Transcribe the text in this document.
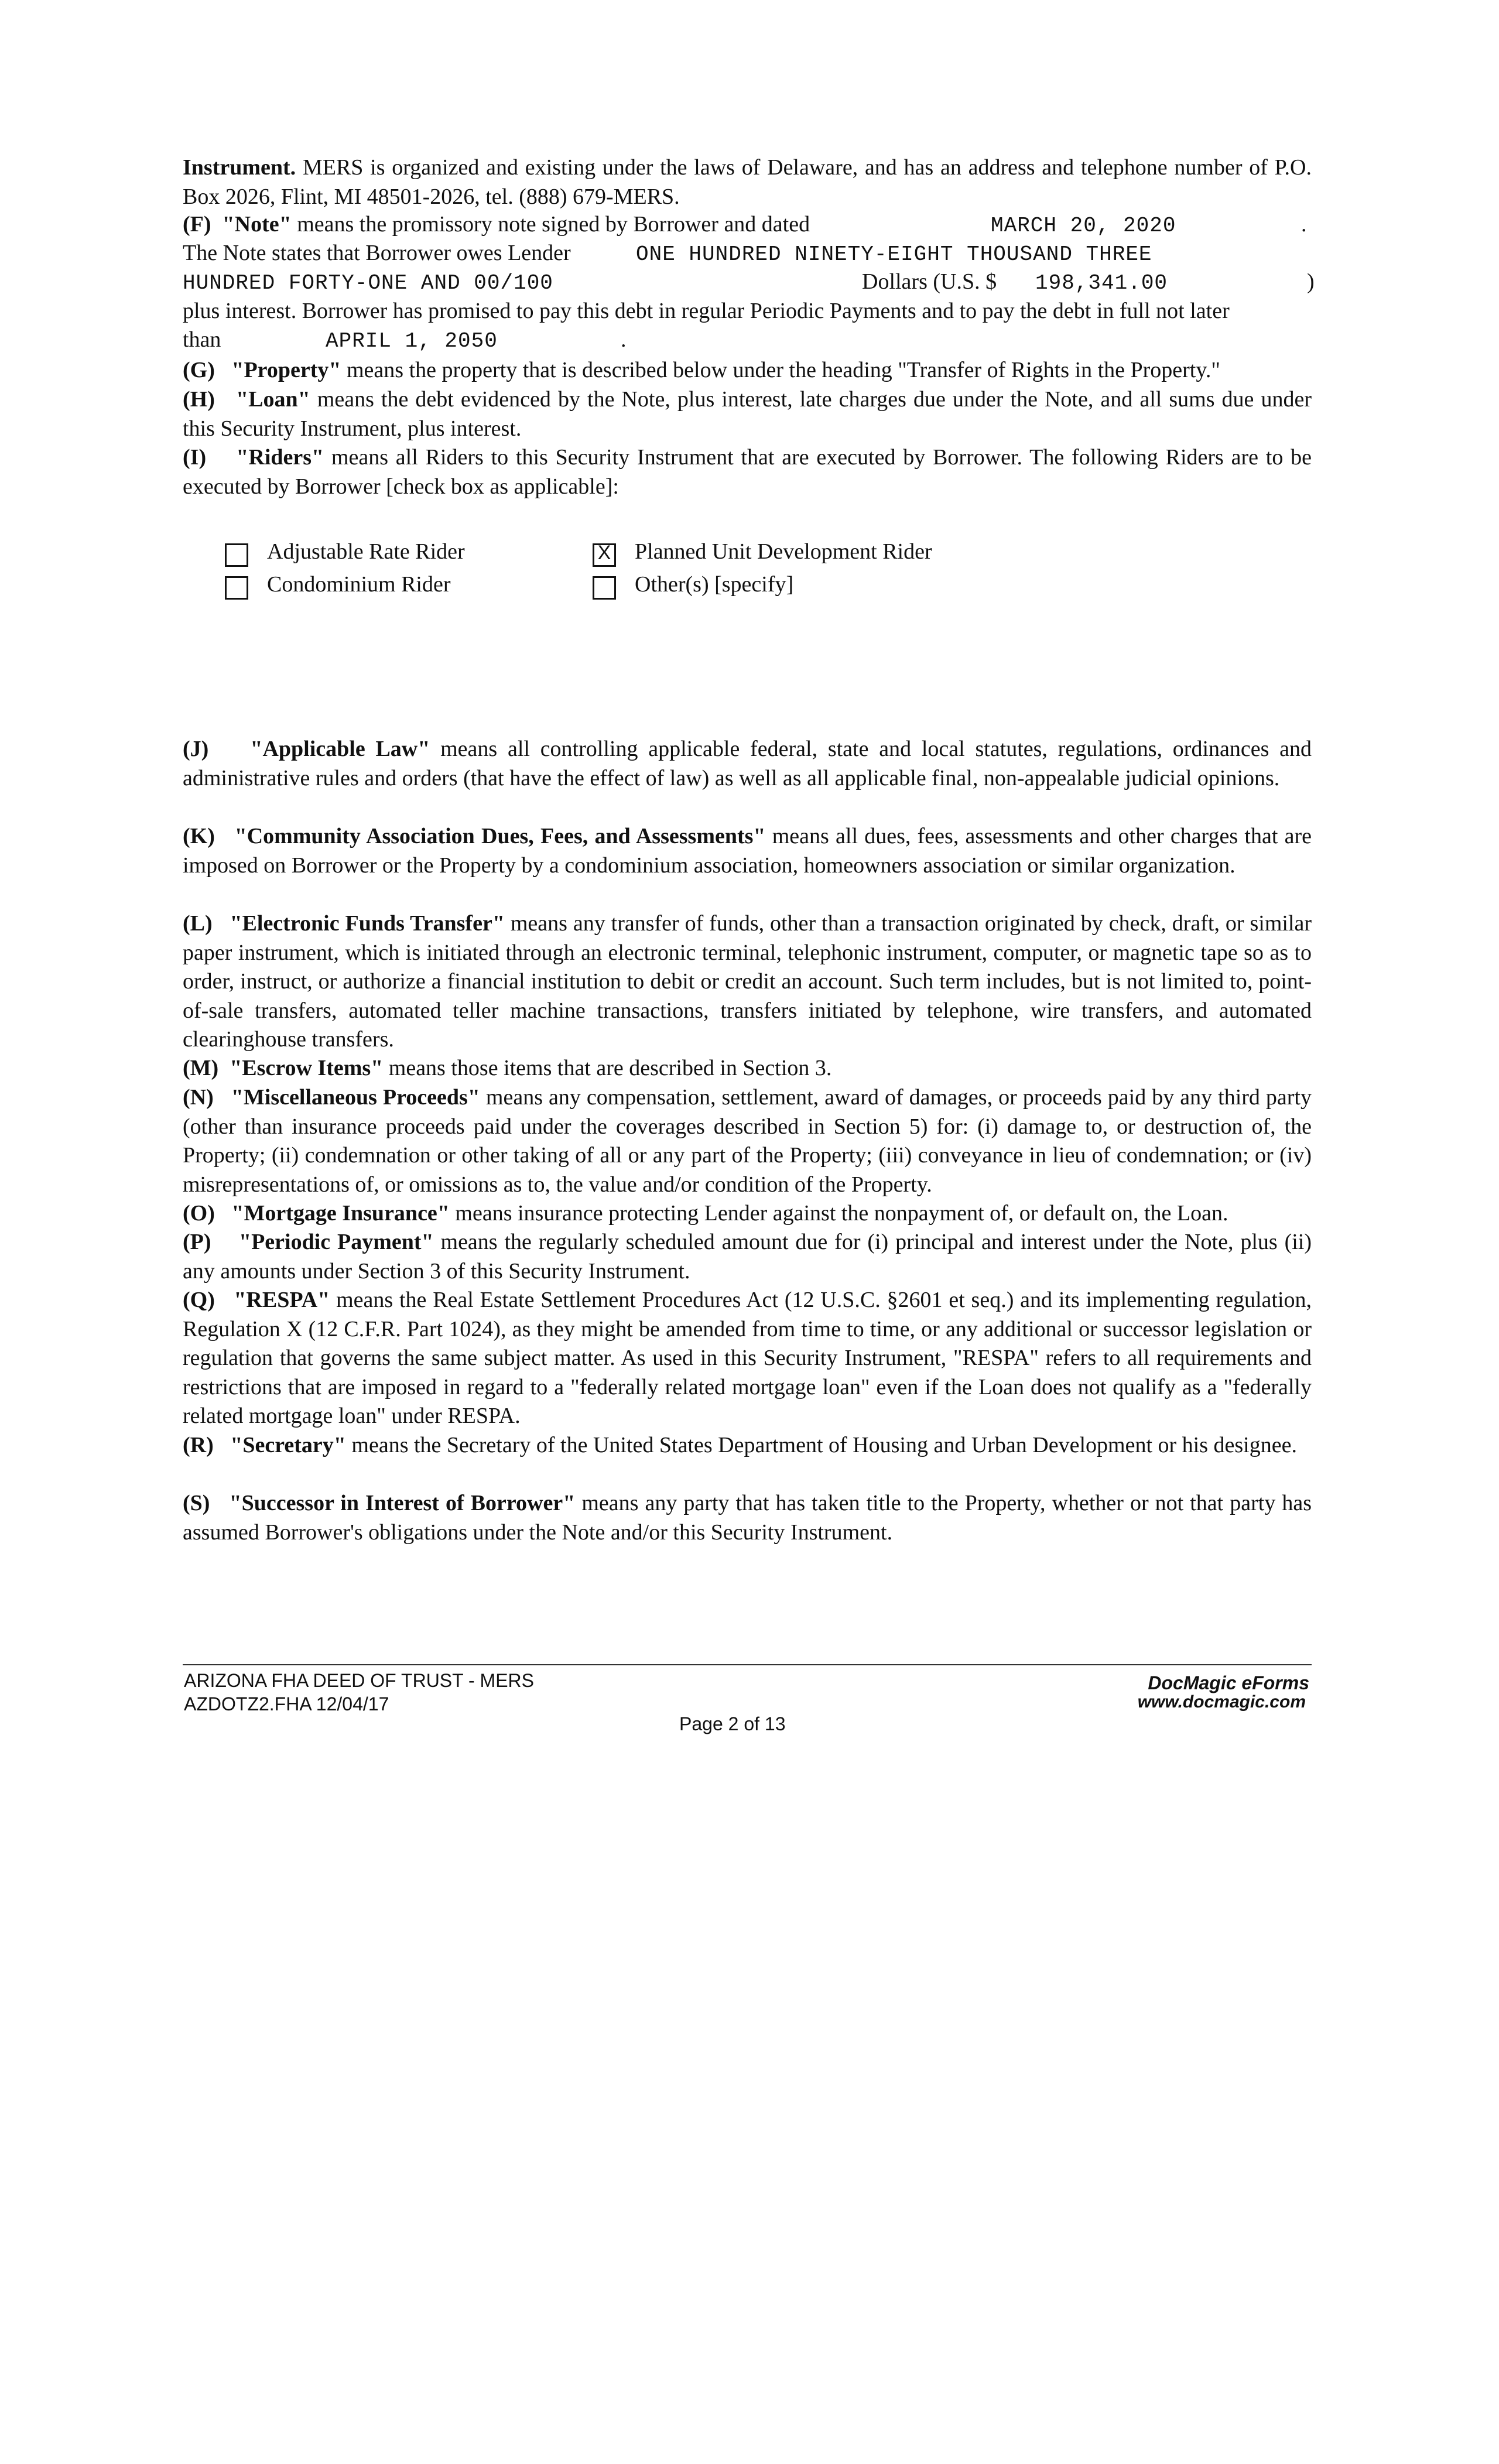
Instrument. MERS is organized and existing under the laws of Delaware, and has an address and telephone number of P.O. Box 2026, Flint, MI 48501-2026, tel. (888) 679-MERS.

(F) "Note" means the promissory note signed by Borrower and dated	MARCH 20, 2020	.
The Note states that Borrower owes Lender	ONE HUNDRED NINETY-EIGHT THOUSAND THREE
HUNDRED FORTY-ONE AND 00/100	Dollars (U.S. $ 198,341.00	)
plus interest. Borrower has promised to pay this debt in regular Periodic Payments and to pay the debt in full not later
than	APRIL 1, 2050	.

(G) "Property" means the property that is described below under the heading "Transfer of Rights in the Property."

(H) "Loan" means the debt evidenced by the Note, plus interest, late charges due under the Note, and all sums due under this Security Instrument, plus interest.

(I) "Riders" means all Riders to this Security Instrument that are executed by Borrower. The following Riders are to be executed by Borrower [check box as applicable]:

Adjustable Rate Rider	X Planned Unit Development Rider
Condominium Rider	Other(s) [specify]

(J) "Applicable Law" means all controlling applicable federal, state and local statutes, regulations, ordinances and administrative rules and orders (that have the effect of law) as well as all applicable final, non-appealable judicial opinions.

(K) "Community Association Dues, Fees, and Assessments" means all dues, fees, assessments and other charges that are imposed on Borrower or the Property by a condominium association, homeowners association or similar organization.

(L) "Electronic Funds Transfer" means any transfer of funds, other than a transaction originated by check, draft, or similar paper instrument, which is initiated through an electronic terminal, telephonic instrument, computer, or magnetic tape so as to order, instruct, or authorize a financial institution to debit or credit an account. Such term includes, but is not limited to, point-of-sale transfers, automated teller machine transactions, transfers initiated by telephone, wire transfers, and automated clearinghouse transfers.

(M) "Escrow Items" means those items that are described in Section 3.

(N) "Miscellaneous Proceeds" means any compensation, settlement, award of damages, or proceeds paid by any third party (other than insurance proceeds paid under the coverages described in Section 5) for: (i) damage to, or destruction of, the Property; (ii) condemnation or other taking of all or any part of the Property; (iii) conveyance in lieu of condemnation; or (iv) misrepresentations of, or omissions as to, the value and/or condition of the Property.

(O) "Mortgage Insurance" means insurance protecting Lender against the nonpayment of, or default on, the Loan.

(P) "Periodic Payment" means the regularly scheduled amount due for (i) principal and interest under the Note, plus (ii) any amounts under Section 3 of this Security Instrument.

(Q) "RESPA" means the Real Estate Settlement Procedures Act (12 U.S.C. §2601 et seq.) and its implementing regulation, Regulation X (12 C.F.R. Part 1024), as they might be amended from time to time, or any additional or successor legislation or regulation that governs the same subject matter. As used in this Security Instrument, "RESPA" refers to all requirements and restrictions that are imposed in regard to a "federally related mortgage loan" even if the Loan does not qualify as a "federally related mortgage loan" under RESPA.

(R) "Secretary" means the Secretary of the United States Department of Housing and Urban Development or his designee.

(S) "Successor in Interest of Borrower" means any party that has taken title to the Property, whether or not that party has assumed Borrower's obligations under the Note and/or this Security Instrument.

ARIZONA FHA DEED OF TRUST - MERS
AZDOTZ2.FHA 12/04/17
Page 2 of 13
DocMagic eForms
www.docmagic.com
